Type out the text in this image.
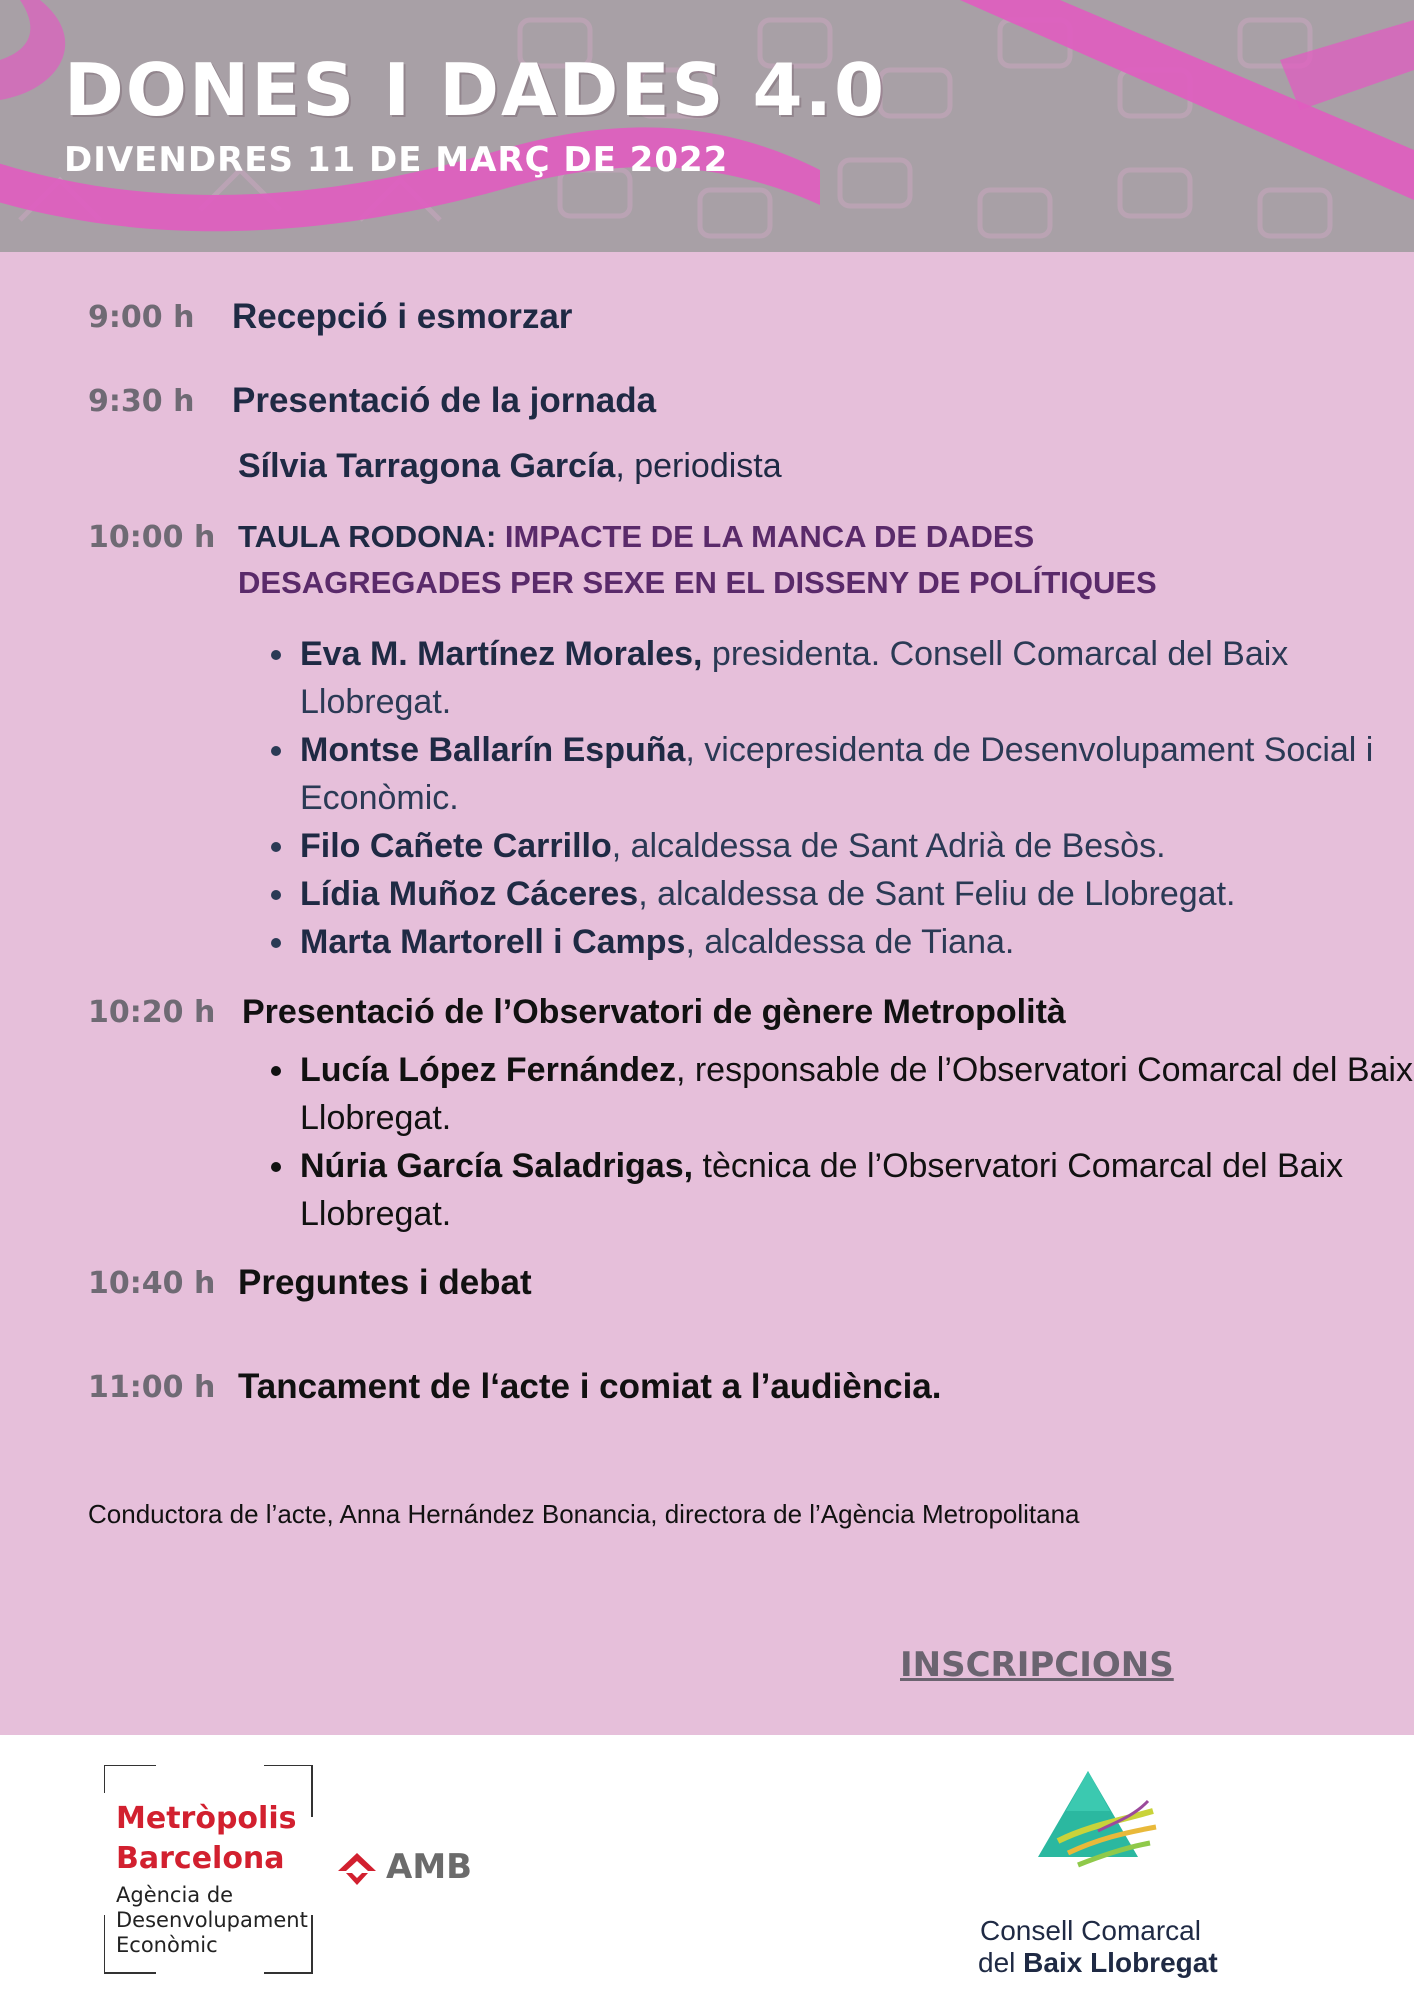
DONES I DADES 4.0
DIVENDRES 11 DE MARÇ DE 2022
9:00 h Recepció i esmorzar
9:30 h Presentació de la jornada
Sílvia Tarragona García, periodista
10:00 h TAULA RODONA: IMPACTE DE LA MANCA DE DADES
DESAGREGADES PER SEXE EN EL DISSENY DE POLÍTIQUES
• Eva M. Martínez Morales, presidenta. Consell Comarcal del Baix Llobregat.
• Montse Ballarín Espuña, vicepresidenta de Desenvolupament Social i Econòmic.
• Filo Cañete Carrillo, alcaldessa de Sant Adrià de Besòs.
• Lídia Muñoz Cáceres, alcaldessa de Sant Feliu de Llobregat.
• Marta Martorell i Camps, alcaldessa de Tiana.
10:20 h Presentació de l’Observatori de gènere Metropolità
• Lucía López Fernández, responsable de l’Observatori Comarcal del Baix Llobregat.
• Núria García Saladrigas, tècnica de l’Observatori Comarcal del Baix Llobregat.
10:40 h Preguntes i debat
11:00 h Tancament de l‘acte i comiat a l’audiència.
Conductora de l’acte, Anna Hernández Bonancia, directora de l’Agència Metropolitana
INSCRIPCIONS
Metròpolis
Barcelona
Agència de
Desenvolupament
Econòmic
AMB
Consell Comarcal
del Baix Llobregat
